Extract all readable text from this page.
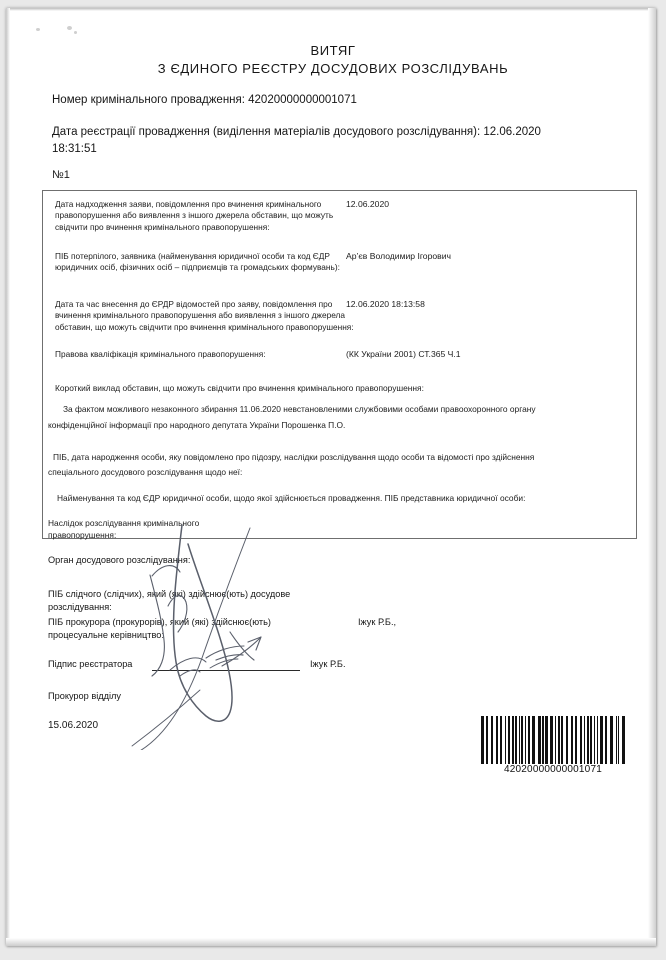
ВИТЯГ
З ЄДИНОГО РЕЄСТРУ ДОСУДОВИХ РОЗСЛІДУВАНЬ
Номер кримінального провадження: 42020000000001071
Дата реєстрації провадження (виділення матеріалів досудового розслідування): 12.06.2020
18:31:51
№1
Дата надходження заяви, повідомлення про вчинення кримінального правопорушення або виявлення з іншого джерела обставин, що можуть свідчити про вчинення кримінального правопорушення:
12.06.2020
ПІБ потерпілого, заявника (найменування юридичної особи та код ЄДР юридичних осіб, фізичних осіб – підприємців та громадських формувань):
Ар’єв Володимир Ігорович
Дата та час внесення до ЄРДР відомостей про заяву, повідомлення про вчинення кримінального правопорушення або виявлення з іншого джерела обставин, що можуть свідчити про вчинення кримінального правопорушення:
12.06.2020 18:13:58
Правова кваліфікація кримінального правопорушення:	(КК України 2001) СТ.365 Ч.1
Короткий виклад обставин, що можуть свідчити про вчинення кримінального правопорушення:
За фактом можливого незаконного збирання 11.06.2020 невстановленими службовими особами правоохоронного органу
конфіденційної інформації про народного депутата України Порошенка П.О.
ПІБ, дата народження особи, яку повідомлено про підозру, наслідки розслідування щодо особи та відомості про здійснення
спеціального досудового розслідування щодо неї:
Найменування та код ЄДР юридичної особи, щодо якої здійснюється провадження. ПІБ представника юридичної особи:
Наслідок розслідування кримінального
правопорушення:
Орган досудового розслідування:
ПІБ слідчого (слідчих), який (які) здійснює(ють) досудове
розслідування:
ПІБ прокурора (прокурорів), який (які) здійснює(ють)
процесуальне керівництво:
Іжук Р.Б.,
Підпис реєстратора	Іжук Р.Б.
Прокурор відділу
15.06.2020
42020000000001071
